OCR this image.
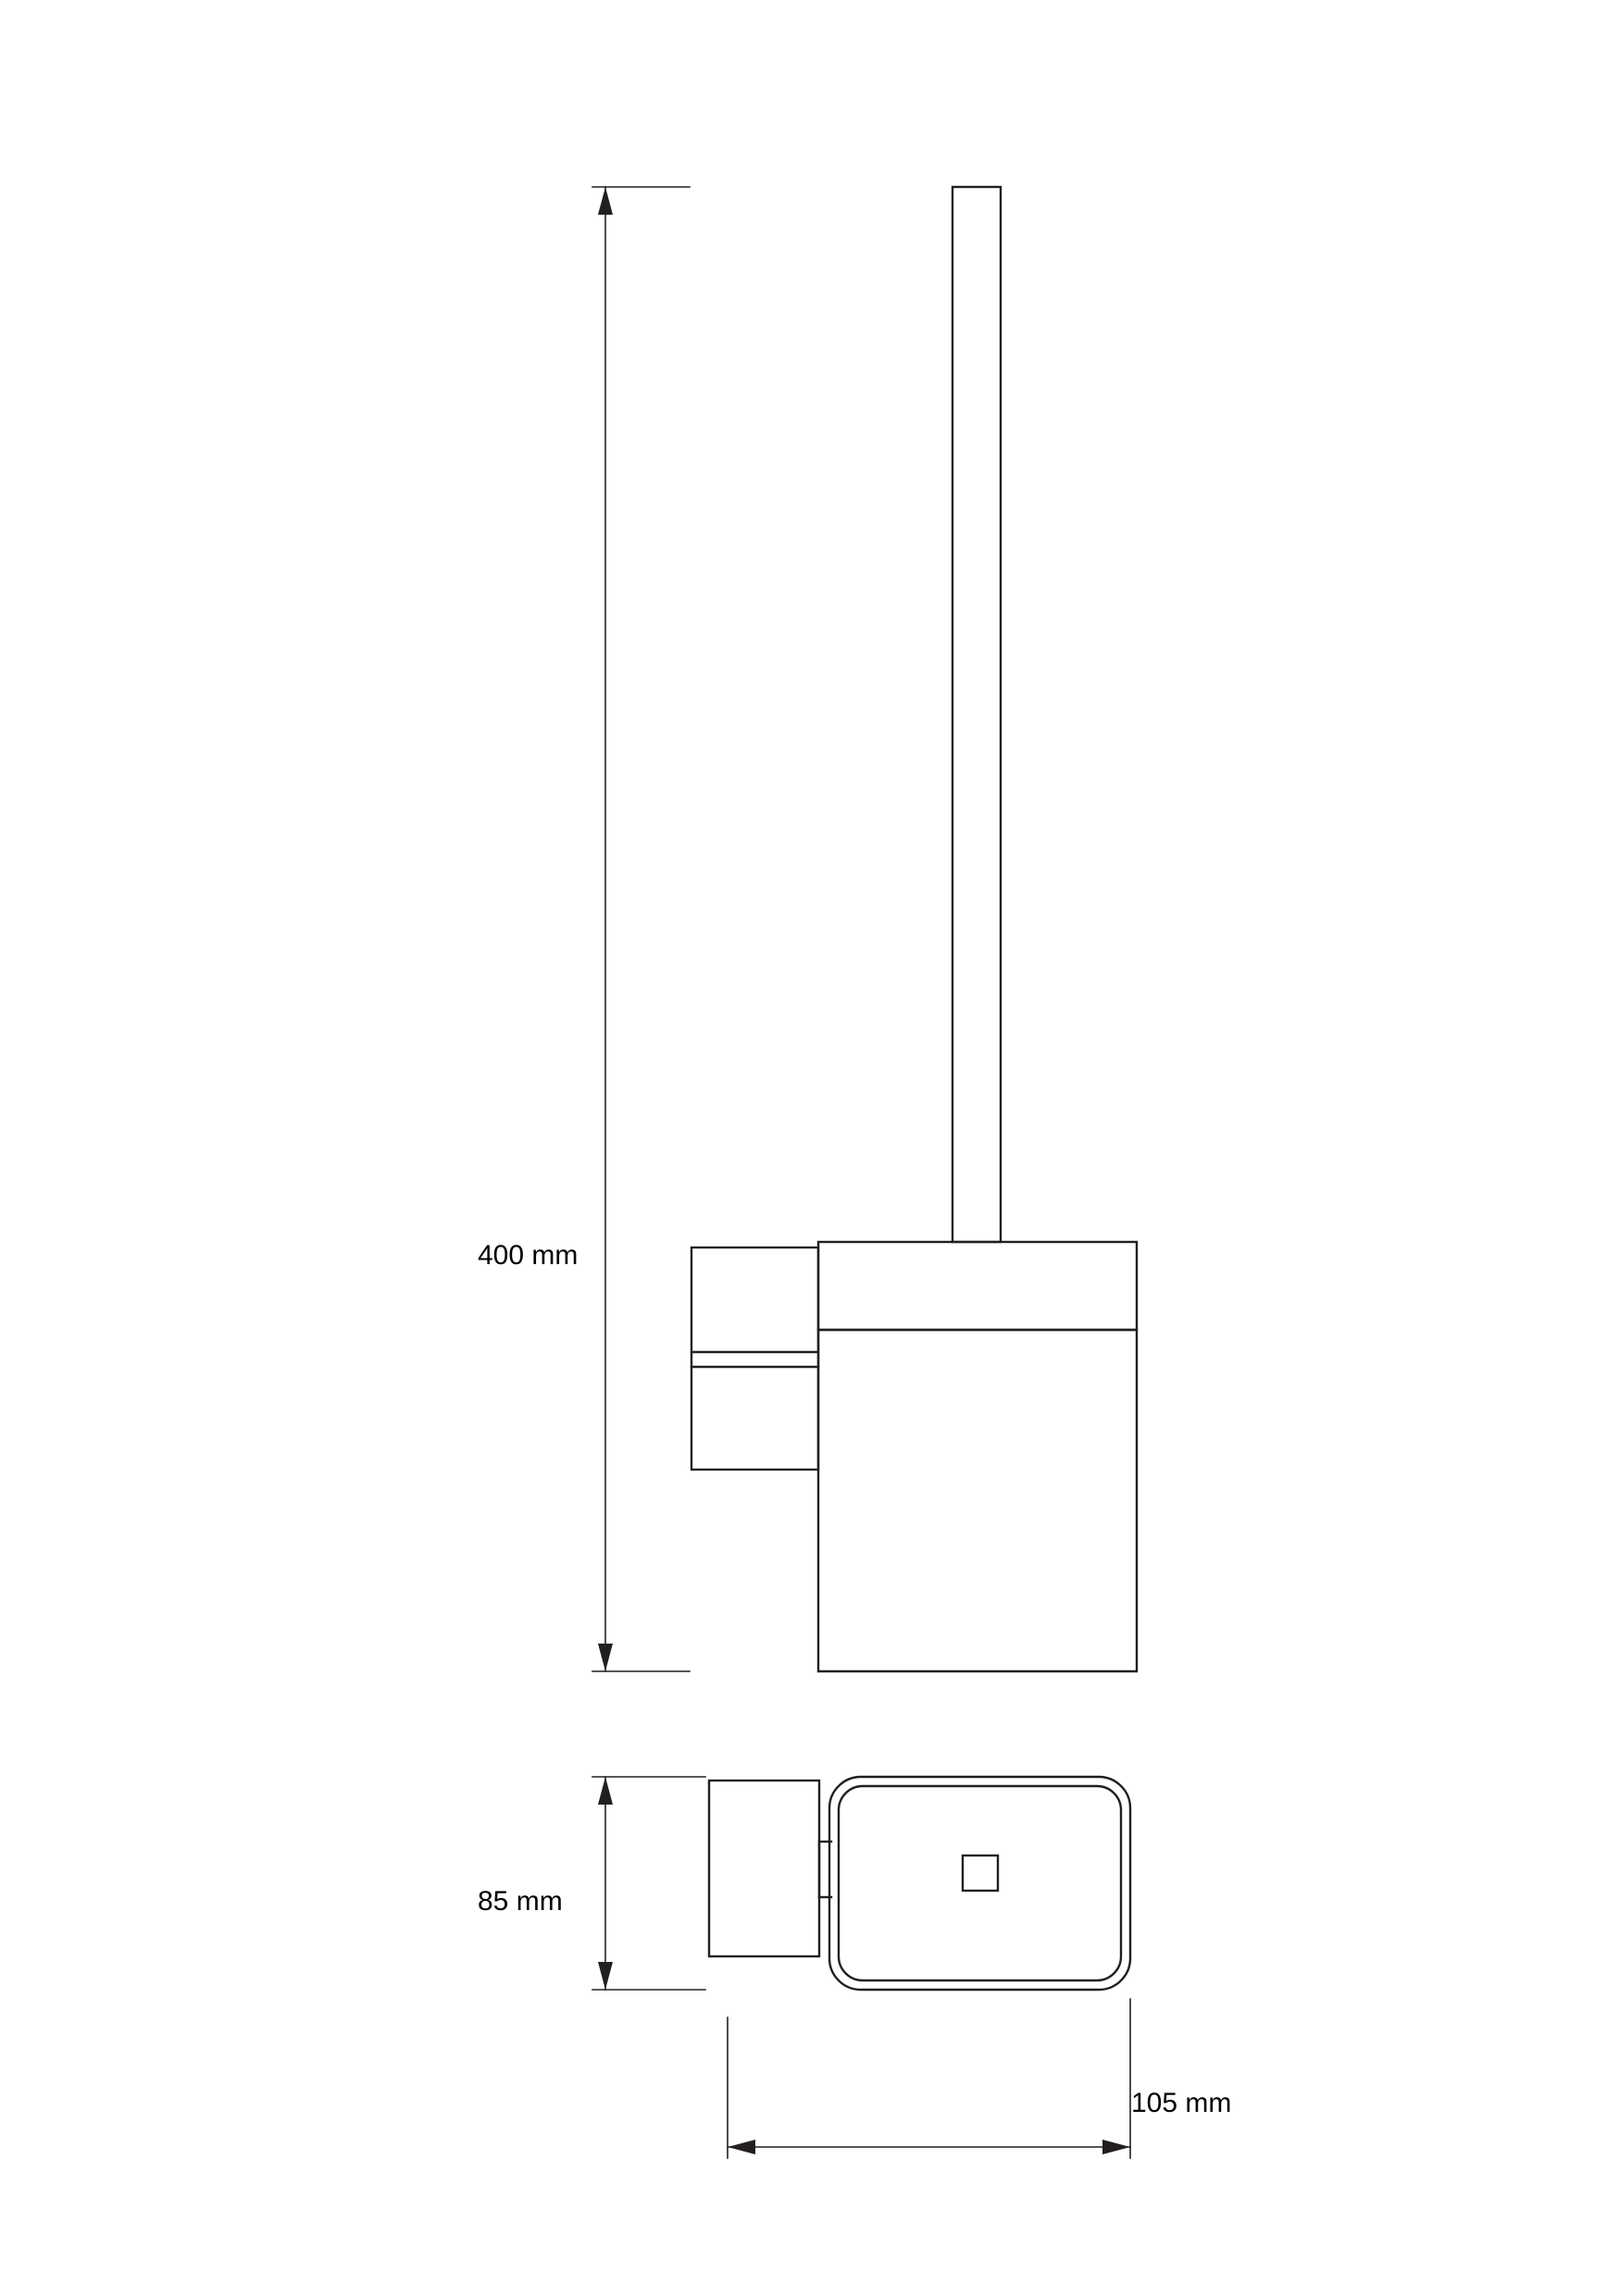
400 mm
85 mm
105 mm
